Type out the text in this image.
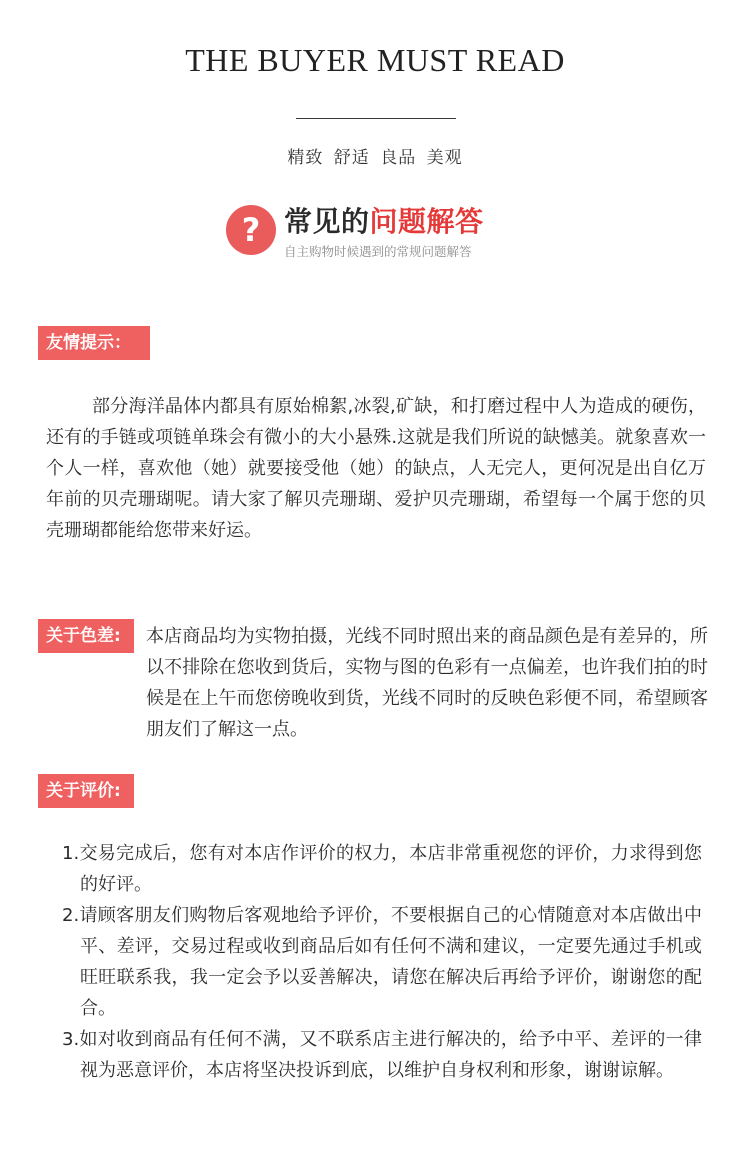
THE BUYER MUST READ
精致 舒适 良品 美观
? 常见的问题解答
自主购物时候遇到的常规问题解答
友情提示：
部分海洋晶体内都具有原始棉絮,冰裂,矿缺，和打磨过程中人为造成的硬伤，还有的手链或项链单珠会有微小的大小悬殊.这就是我们所说的缺憾美。就象喜欢一个人一样，喜欢他（她）就要接受他（她）的缺点，人无完人，更何况是出自亿万年前的贝壳珊瑚呢。请大家了解贝壳珊瑚、爱护贝壳珊瑚，希望每一个属于您的贝壳珊瑚都能给您带来好运。
关于色差:	本店商品均为实物拍摄，光线不同时照出来的商品颜色是有差异的，所以不排除在您收到货后，实物与图的色彩有一点偏差，也许我们拍的时候是在上午而您傍晚收到货，光线不同时的反映色彩便不同，希望顾客朋友们了解这一点。
关于评价:
1.交易完成后，您有对本店作评价的权力，本店非常重视您的评价，力求得到您的好评。
2.请顾客朋友们购物后客观地给予评价，不要根据自己的心情随意对本店做出中平、差评，交易过程或收到商品后如有任何不满和建议，一定要先通过手机或旺旺联系我，我一定会予以妥善解决，请您在解决后再给予评价，谢谢您的配合。
3.如对收到商品有任何不满，又不联系店主进行解决的，给予中平、差评的一律视为恶意评价，本店将坚决投诉到底，以维护自身权利和形象，谢谢谅解。
